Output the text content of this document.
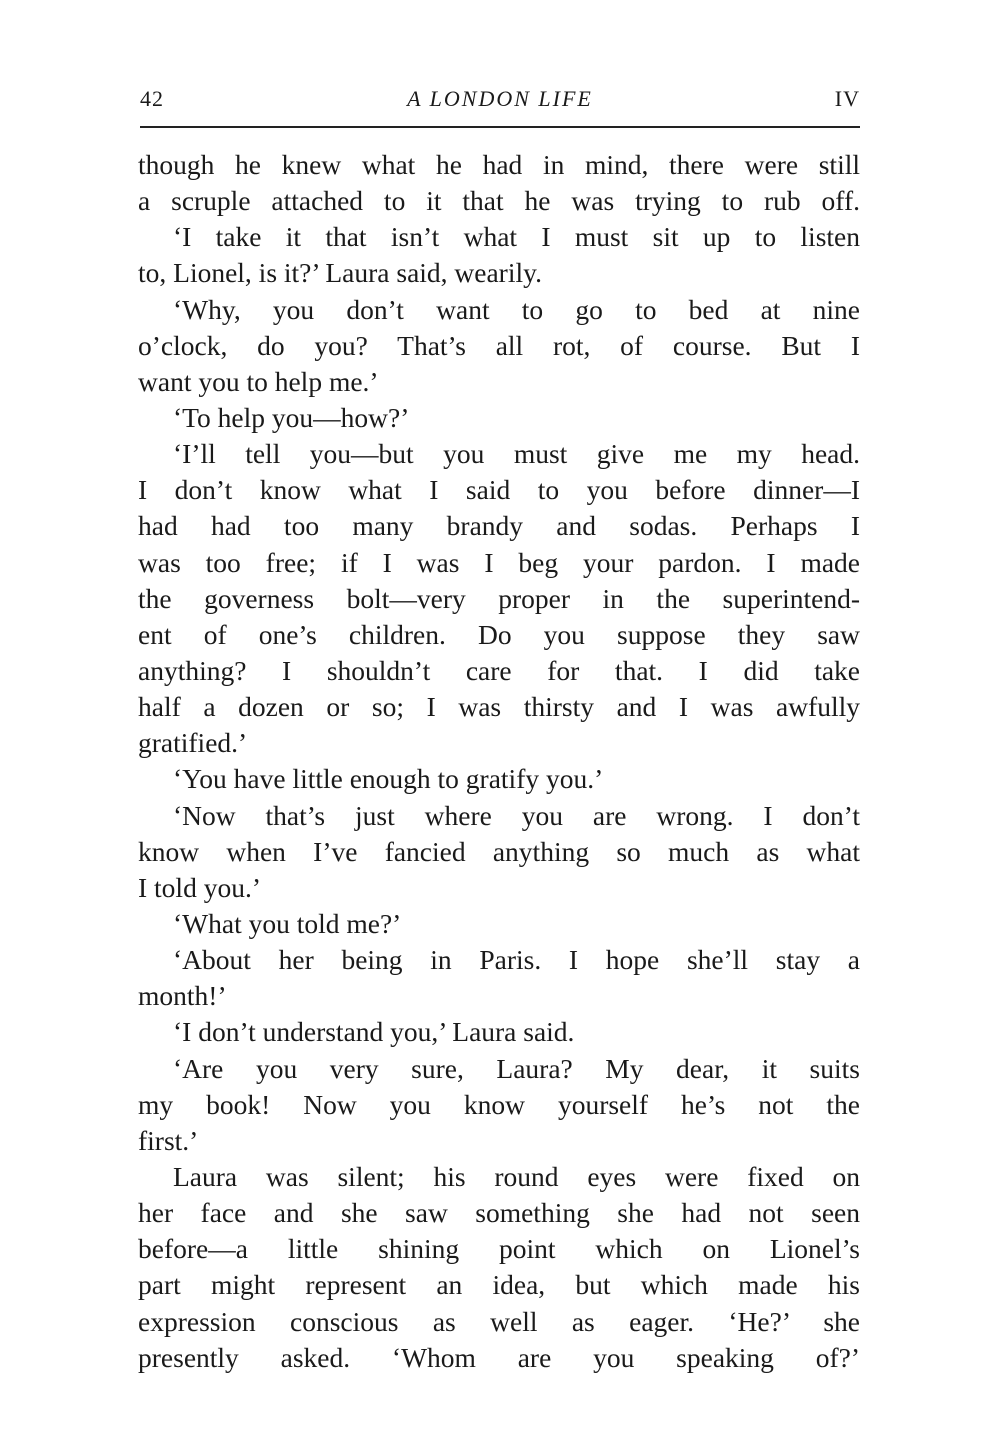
42	A LONDON LIFE	IV
though he knew what he had in mind, there were still
a scruple attached to it that he was trying to rub off.
‘I take it that isn’t what I must sit up to listen
to, Lionel, is it?’ Laura said, wearily.
‘Why, you don’t want to go to bed at nine
o’clock, do you? That’s all rot, of course. But I
want you to help me.’
‘To help you—how?’
‘I’ll tell you—but you must give me my head.
I don’t know what I said to you before dinner—I
had had too many brandy and sodas. Perhaps I
was too free; if I was I beg your pardon. I made
the governess bolt—very proper in the superintend-
ent of one’s children. Do you suppose they saw
anything? I shouldn’t care for that. I did take
half a dozen or so; I was thirsty and I was awfully
gratified.’
‘You have little enough to gratify you.’
‘Now that’s just where you are wrong. I don’t
know when I’ve fancied anything so much as what
I told you.’
‘What you told me?’
‘About her being in Paris. I hope she’ll stay a
month!’
‘I don’t understand you,’ Laura said.
‘Are you very sure, Laura? My dear, it suits
my book! Now you know yourself he’s not the
first.’
Laura was silent; his round eyes were fixed on
her face and she saw something she had not seen
before—a little shining point which on Lionel’s
part might represent an idea, but which made his
expression conscious as well as eager. ‘He?’ she
presently asked. ‘Whom are you speaking of?’
